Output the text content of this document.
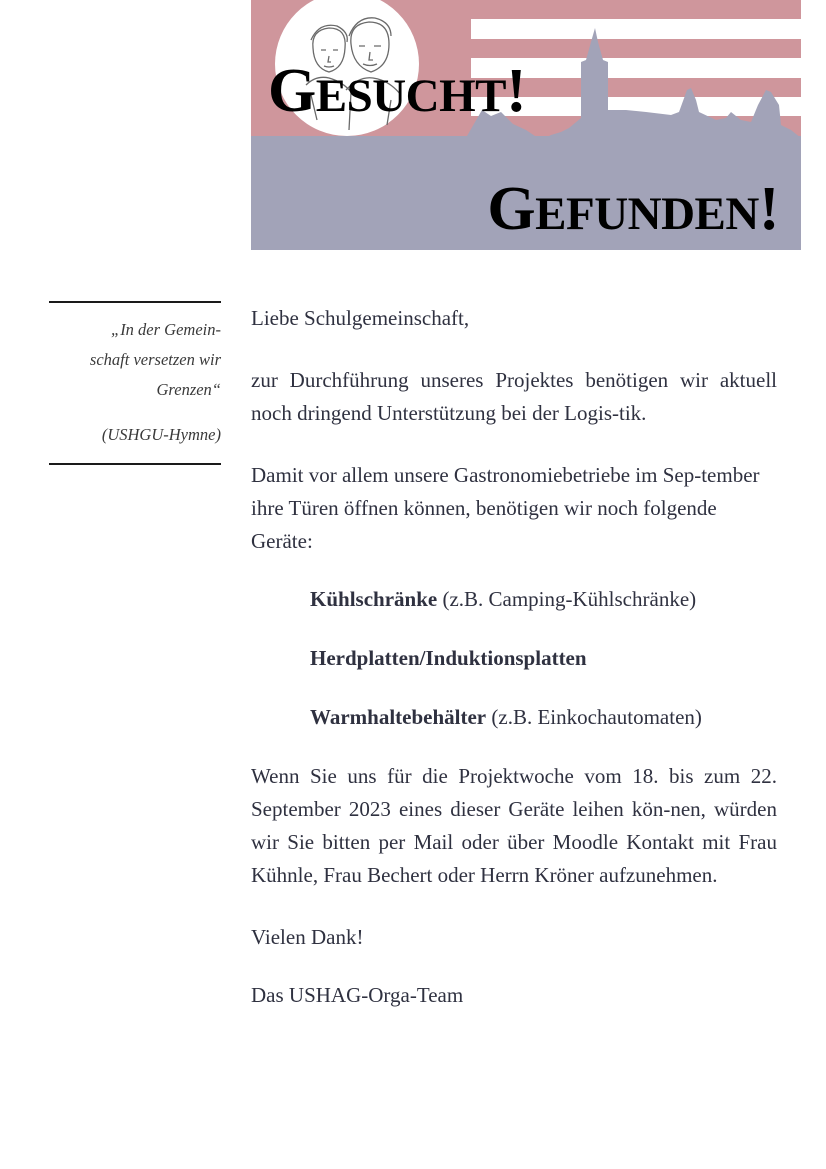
GESUCHT!
GEFUNDEN!
„In der Gemein-
schaft versetzen wir
Grenzen“
(USHGU-Hymne)

Liebe Schulgemeinschaft,

zur Durchführung unseres Projektes benötigen wir aktuell noch dringend Unterstützung bei der Logis-tik.

Damit vor allem unsere Gastronomiebetriebe im Sep-tember ihre Türen öffnen können, benötigen wir noch folgende Geräte:

Kühlschränke (z.B. Camping-Kühlschränke)

Herdplatten/Induktionsplatten

Warmhaltebehälter (z.B. Einkochautomaten)

Wenn Sie uns für die Projektwoche vom 18. bis zum 22. September 2023 eines dieser Geräte leihen kön-nen, würden wir Sie bitten per Mail oder über Moodle Kontakt mit Frau Kühnle, Frau Bechert oder Herrn Kröner aufzunehmen.

Vielen Dank!

Das USHAG-Orga-Team
